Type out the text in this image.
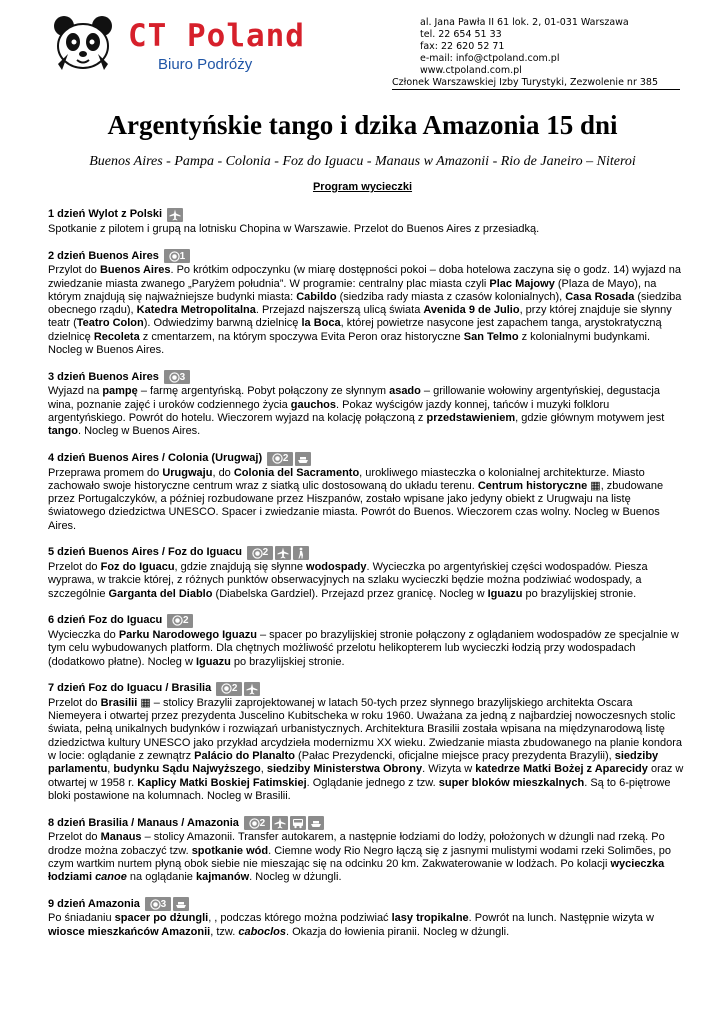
CT Poland
Biuro Podróży
al. Jana Pawła II 61 lok. 2, 01-031 Warszawa
tel. 22 654 51 33
fax: 22 620 52 71
e-mail: info@ctpoland.com.pl
www.ctpoland.com.pl
Członek Warszawskiej Izby Turystyki, Zezwolenie nr 385
Argentyńskie tango i dzika Amazonia 15 dni
Buenos Aires - Pampa - Colonia - Foz do Iguacu - Manaus w Amazonii - Rio de Janeiro – Niteroi
Program wycieczki
1 dzień Wylot z Polski

Spotkanie z pilotem i grupą na lotnisku Chopina w Warszawie. Przelot do Buenos Aires z przesiadką.

2 dzień Buenos Aires 1

Przylot do Buenos Aires. Po krótkim odpoczynku (w miarę dostępności pokoi – doba hotelowa zaczyna się o godz. 14) wyjazd na zwiedzanie miasta zwanego „Paryżem południa”. W programie: centralny plac miasta czyli Plac Majowy (Plaza de Mayo), na którym znajdują się najważniejsze budynki miasta: Cabildo (siedziba rady miasta z czasów kolonialnych), Casa Rosada (siedziba obecnego rządu), Katedra Metropolitalna. Przejazd najszerszą ulicą świata Avenida 9 de Julio, przy której znajduje sie słynny teatr (Teatro Colon). Odwiedzimy barwną dzielnicę la Boca, której powietrze nasycone jest zapachem tanga, arystokratyczną dzielnicę Recoleta z cmentarzem, na którym spoczywa Evita Peron oraz historyczne San Telmo z kolonialnymi budynkami. Nocleg w Buenos Aires.

3 dzień Buenos Aires 3

Wyjazd na pampę – farmę argentyńską. Pobyt połączony ze słynnym asado – grillowanie wołowiny argentyńskiej, degustacja wina, poznanie zajęć i uroków codziennego życia gauchos. Pokaz wyścigów jazdy konnej, tańców i muzyki folkloru argentyńskiego. Powrót do hotelu. Wieczorem wyjazd na kolację połączoną z przedstawieniem, gdzie głównym motywem jest tango. Nocleg w Buenos Aires.

4 dzień Buenos Aires / Colonia (Urugwaj) 2

Przeprawa promem do Urugwaju, do Colonia del Sacramento, urokliwego miasteczka o kolonialnej architekturze. Miasto zachowało swoje historyczne centrum wraz z siatką ulic dostosowaną do układu terenu. Centrum historyczne ▦, zbudowane przez Portugalczyków, a później rozbudowane przez Hiszpanów, zostało wpisane jako jedyny obiekt z Urugwaju na listę światowego dziedzictwa UNESCO. Spacer i zwiedzanie miasta. Powrót do Buenos. Wieczorem czas wolny. Nocleg w Buenos Aires.

5 dzień Buenos Aires / Foz do Iguacu 2

Przelot do Foz do Iguacu, gdzie znajdują się słynne wodospady. Wycieczka po argentyńskiej części wodospadów. Piesza wyprawa, w trakcie której, z różnych punktów obserwacyjnych na szlaku wycieczki będzie można podziwiać wodospady, a szczególnie Garganta del Diablo (Diabelska Gardziel). Przejazd przez granicę. Nocleg w Iguazu po brazylijskiej stronie.

6 dzień Foz do Iguacu 2

Wycieczka do Parku Narodowego Iguazu – spacer po brazylijskiej stronie połączony z oglądaniem wodospadów ze specjalnie w tym celu wybudowanych platform. Dla chętnych możliwość przelotu helikopterem lub wycieczki łodzią przy wodospadach (dodatkowo płatne). Nocleg w Iguazu po brazylijskiej stronie.

7 dzień Foz do Iguacu / Brasilia 2

Przelot do Brasilii ▦ – stolicy Brazylii zaprojektowanej w latach 50-tych przez słynnego brazylijskiego architekta Oscara Niemeyera i otwartej przez prezydenta Juscelino Kubitscheka w roku 1960. Uważana za jedną z najbardziej nowoczesnych stolic świata, pełną unikalnych budynków i rozwiązań urbanistycznych. Architektura Brasilii została wpisana na międzynarodową listę dziedzictwa kultury UNESCO jako przykład arcydzieła modernizmu XX wieku. Zwiedzanie miasta zbudowanego na planie kondora w locie: oglądanie z zewnątrz Palácio do Planalto (Pałac Prezydencki, oficjalne miejsce pracy prezydenta Brazylii), siedziby parlamentu, budynku Sądu Najwyższego, siedziby Ministerstwa Obrony. Wizyta w katedrze Matki Bożej z Aparecidy oraz w otwartej w 1958 r. Kaplicy Matki Boskiej Fatimskiej. Oglądanie jednego z tzw. super bloków mieszkalnych. Są to 6-piętrowe bloki postawione na kolumnach. Nocleg w Brasilii.

8 dzień Brasilia / Manaus / Amazonia 2

Przelot do Manaus – stolicy Amazonii. Transfer autokarem, a następnie łodziami do lodży, położonych w dżungli nad rzeką. Po drodze można zobaczyć tzw. spotkanie wód. Ciemne wody Rio Negro łączą się z jasnymi mulistymi wodami rzeki Solimões, po czym wartkim nurtem płyną obok siebie nie mieszając się na odcinku 20 km. Zakwaterowanie w lodżach. Po kolacji wycieczka łodziami canoe na oglądanie kajmanów. Nocleg w dżungli.

9 dzień Amazonia 3

Po śniadaniu spacer po dżungli, , podczas którego można podziwiać lasy tropikalne. Powrót na lunch. Następnie wizyta w wiosce mieszkańców Amazonii, tzw. caboclos. Okazja do łowienia piranii. Nocleg w dżungli.
